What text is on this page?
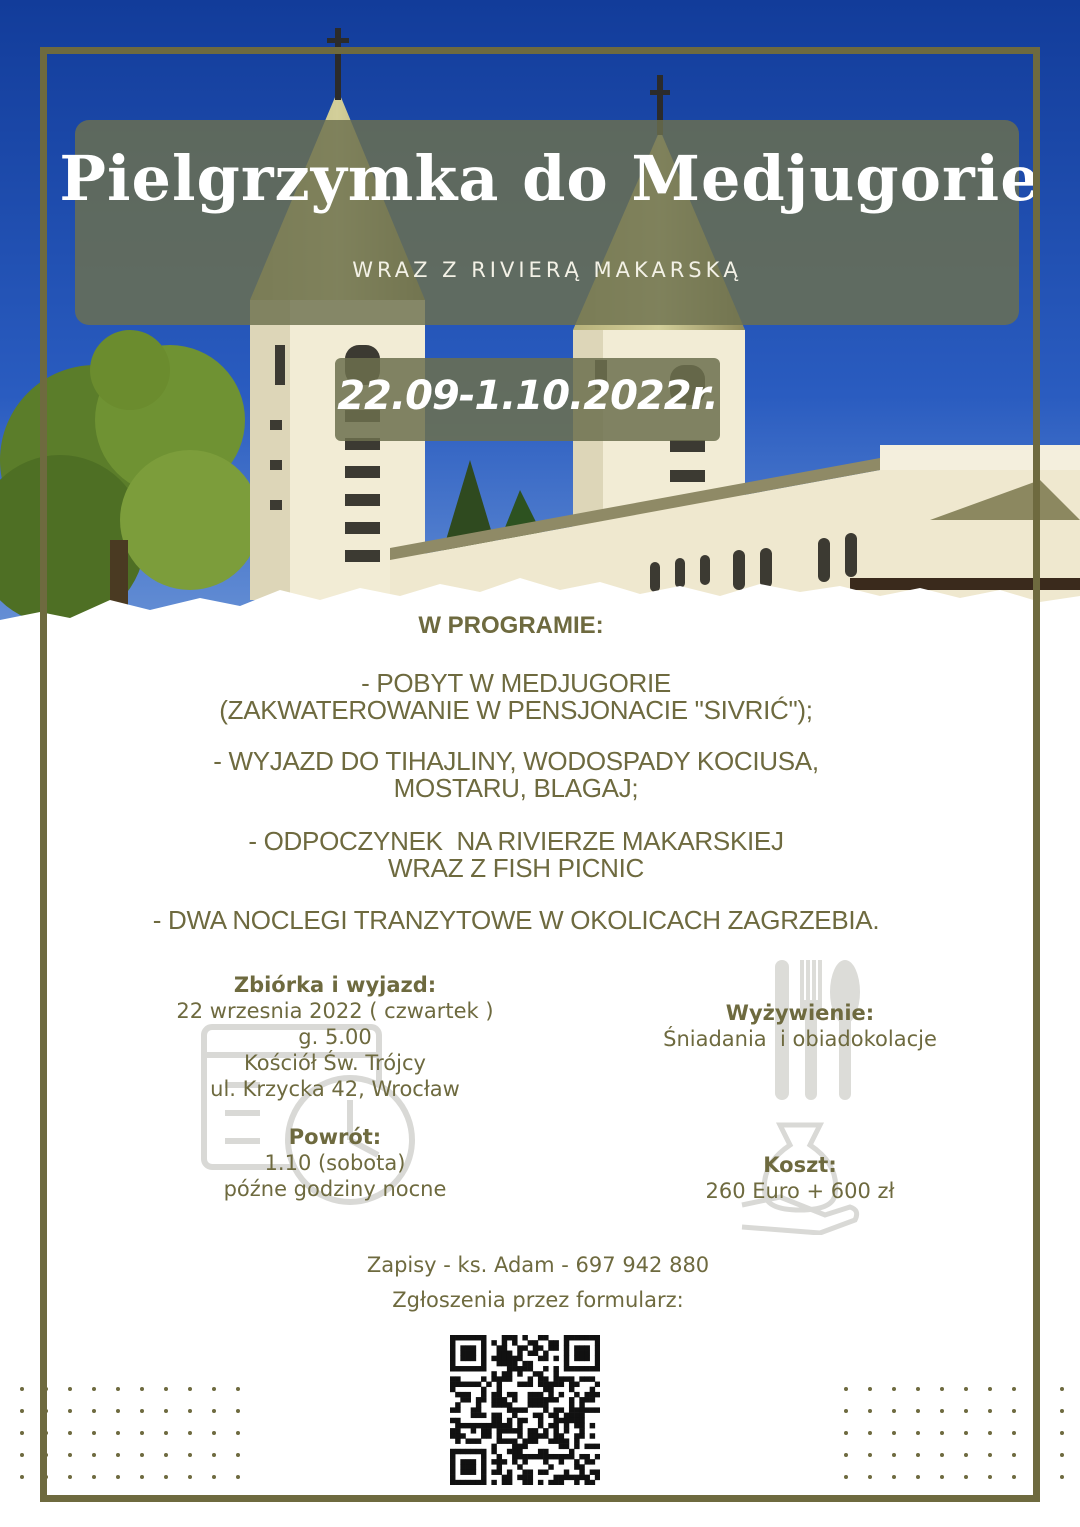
Pielgrzymka do Medjugorie
WRAZ Z RIVIERĄ MAKARSKĄ
22.09-1.10.2022r.
W PROGRAMIE:
- POBYT W MEDJUGORIE
(ZAKWATEROWANIE W PENSJONACIE "SIVRIĆ");
- WYJAZD DO TIHAJLINY, WODOSPADY KOCIUSA,
MOSTARU, BLAGAJ;
- ODPOCZYNEK  NA RIVIERZE MAKARSKIEJ
WRAZ Z FISH PICNIC
- DWA NOCLEGI TRANZYTOWE W OKOLICACH ZAGRZEBIA.
Zbiórka i wyjazd:
22 wrzesnia 2022 ( czwartek )
g. 5.00
Kościół Św. Trójcy
ul. Krzycka 42, Wrocław
Powrót:
1.10 (sobota)
późne godziny nocne
Wyżywienie:
Śniadania  i obiadokolacje
Koszt:
260 Euro + 600 zł
Zapisy - ks. Adam - 697 942 880
Zgłoszenia przez formularz:
